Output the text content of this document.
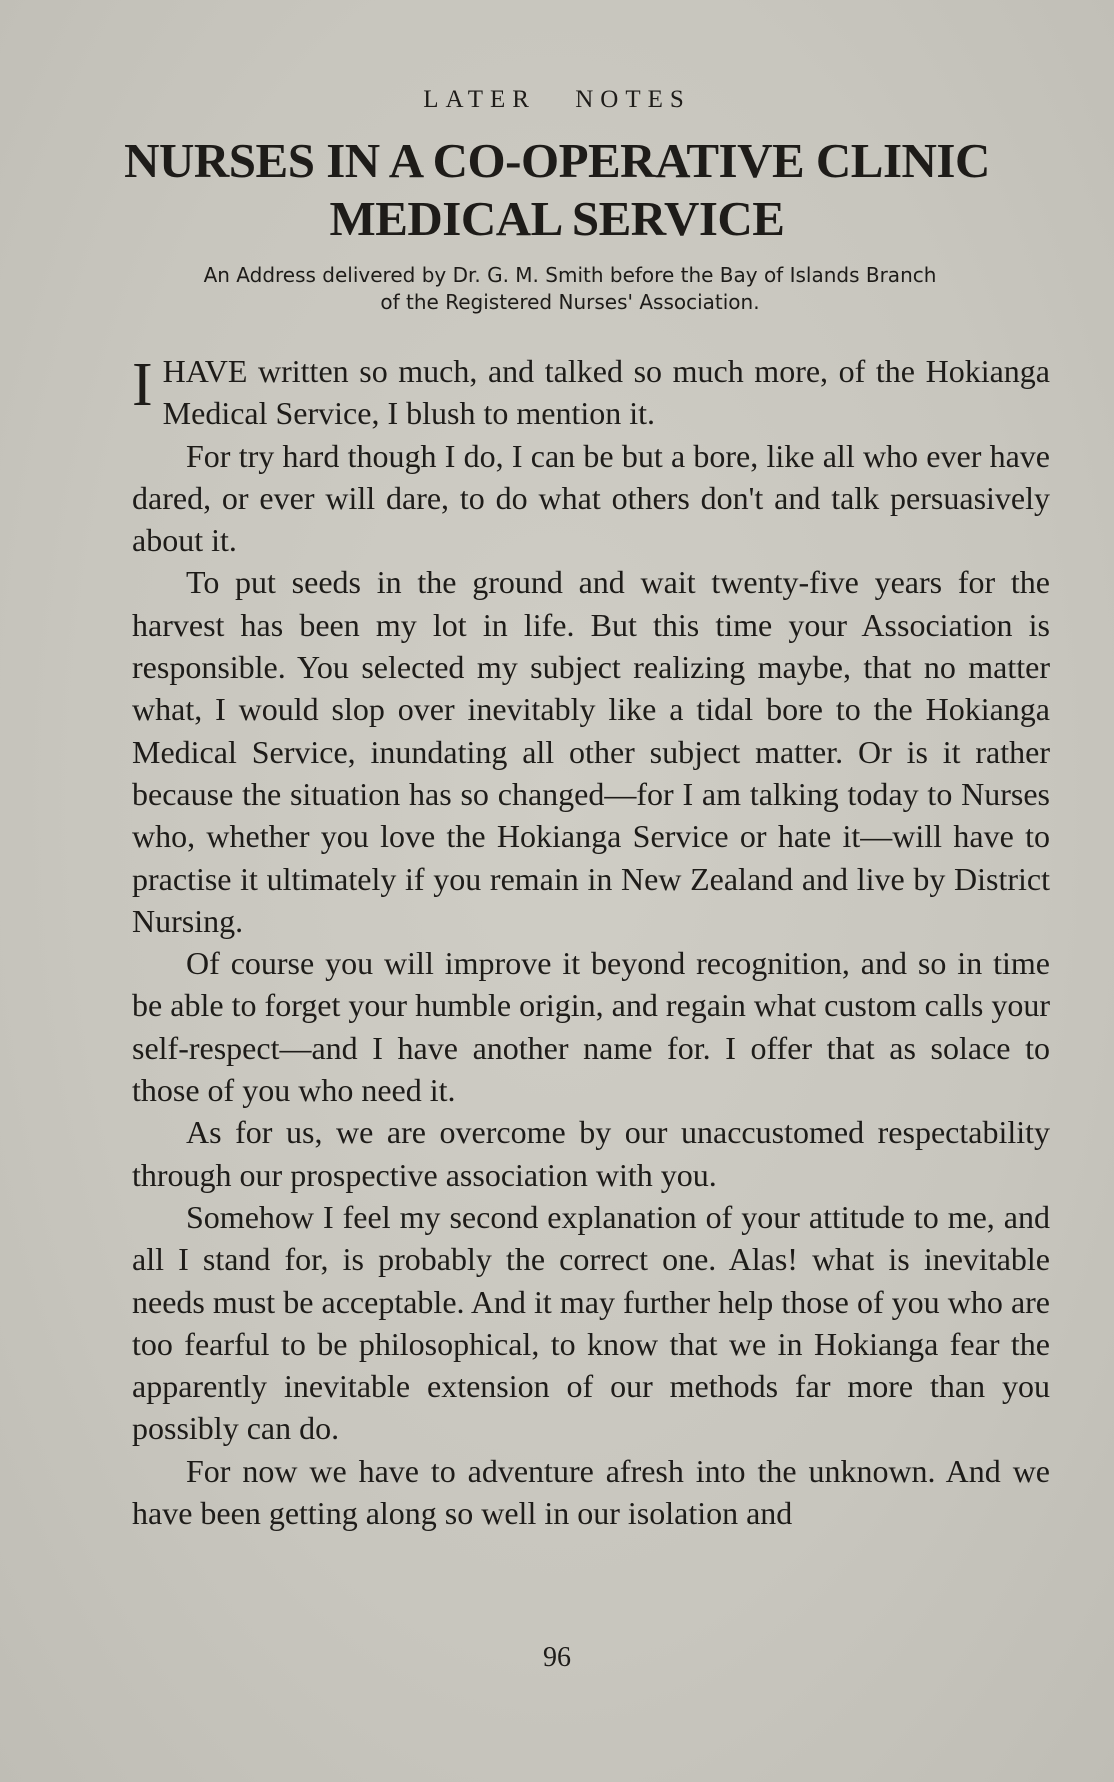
LATER NOTES
NURSES IN A CO-OPERATIVE CLINIC
MEDICAL SERVICE
An Address delivered by Dr. G. M. Smith before the Bay of Islands Branch
of the Registered Nurses' Association.

IHAVE written so much, and talked so much more, of the Hokianga Medical Service, I blush to mention it.

For try hard though I do, I can be but a bore, like all who ever have dared, or ever will dare, to do what others don't and talk persuasively about it.

To put seeds in the ground and wait twenty-five years for the harvest has been my lot in life. But this time your Association is responsible. You selected my subject realizing maybe, that no matter what, I would slop over inevitably like a tidal bore to the Hokianga Medical Service, inundating all other subject matter. Or is it rather because the situation has so changed—for I am talking today to Nurses who, whether you love the Hokianga Service or hate it—will have to practise it ultimately if you remain in New Zealand and live by District Nursing.

Of course you will improve it beyond recognition, and so in time be able to forget your humble origin, and regain what custom calls your self-respect—and I have another name for. I offer that as solace to those of you who need it.

As for us, we are overcome by our unaccustomed respectability through our prospective association with you.

Somehow I feel my second explanation of your attitude to me, and all I stand for, is probably the correct one. Alas! what is inevitable needs must be acceptable. And it may further help those of you who are too fearful to be philosophical, to know that we in Hokianga fear the apparently inevitable extension of our methods far more than you possibly can do.

For now we have to adventure afresh into the unknown. And we have been getting along so well in our isolation and

96
